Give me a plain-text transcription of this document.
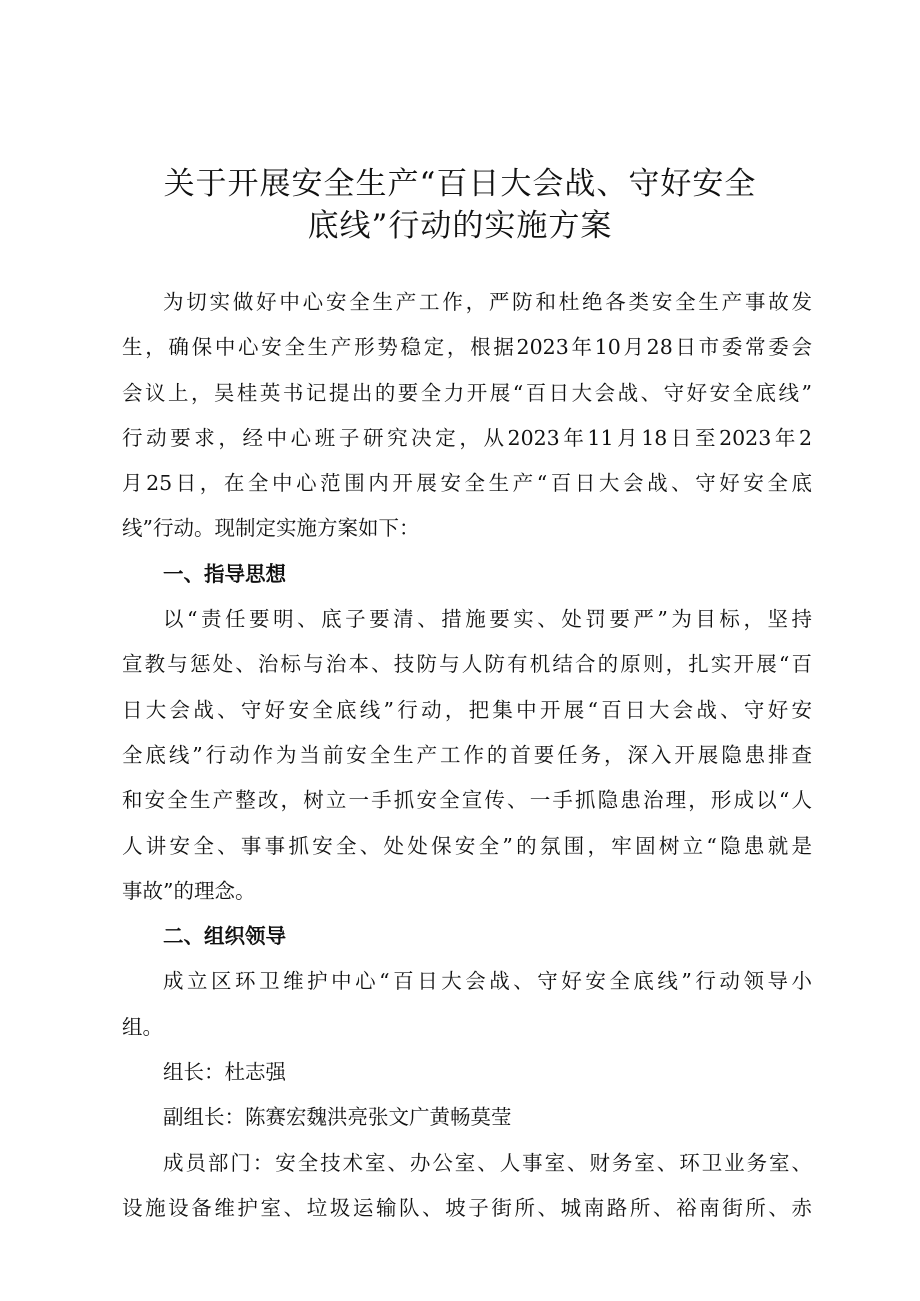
关于开展安全生产“百日大会战、守好安全
底线”行动的实施方案
为切实做好中心安全生产工作，严防和杜绝各类安全生产事故发
生，确保中心安全生产形势稳定，根据2023年10月28日市委常委会
会议上，吴桂英书记提出的要全力开展“百日大会战、守好安全底线”
行动要求，经中心班子研究决定，从2023年11月18日至2023年2
月25日，在全中心范围内开展安全生产“百日大会战、守好安全底
线”行动。现制定实施方案如下：
一、指导思想
以“责任要明、底子要清、措施要实、处罚要严”为目标，坚持
宣教与惩处、治标与治本、技防与人防有机结合的原则，扎实开展“百
日大会战、守好安全底线”行动，把集中开展“百日大会战、守好安
全底线”行动作为当前安全生产工作的首要任务，深入开展隐患排查
和安全生产整改，树立一手抓安全宣传、一手抓隐患治理，形成以“人
人讲安全、事事抓安全、处处保安全”的氛围，牢固树立“隐患就是
事故”的理念。
二、组织领导
成立区环卫维护中心“百日大会战、守好安全底线”行动领导小
组。
组长：杜志强
副组长：陈赛宏魏洪亮张文广黄畅莫莹
成员部门：安全技术室、办公室、人事室、财务室、环卫业务室、
设施设备维护室、垃圾运输队、坡子街所、城南路所、裕南街所、赤
